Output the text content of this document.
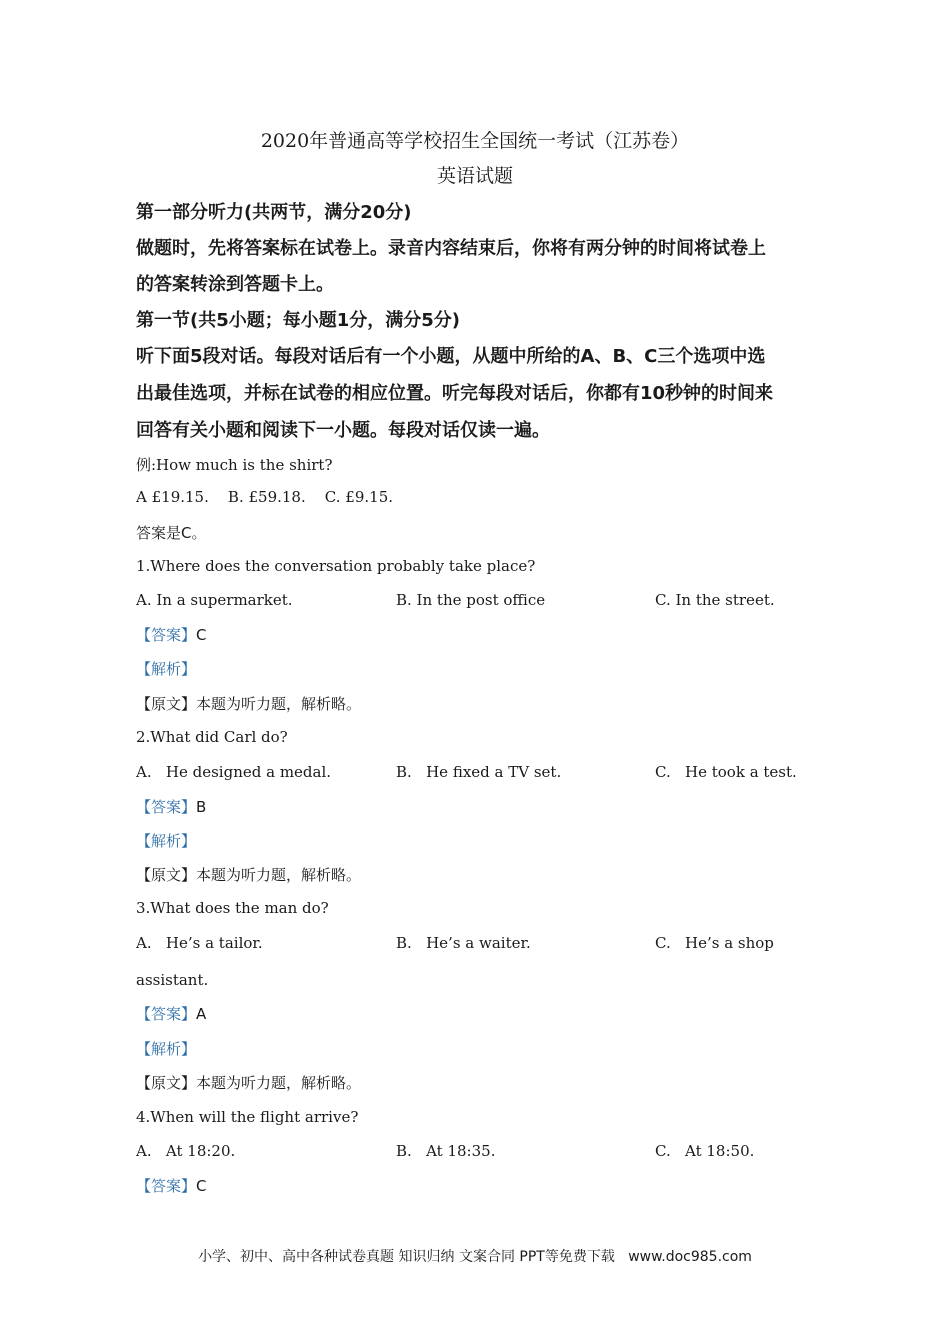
2020年普通高等学校招生全国统一考试（江苏卷）
英语试题
第一部分听力(共两节，满分20分)
做题时，先将答案标在试卷上。录音内容结束后，你将有两分钟的时间将试卷上
的答案转涂到答题卡上。
第一节(共5小题；每小题1分，满分5分)
听下面5段对话。每段对话后有一个小题，从题中所给的A、B、C三个选项中选
出最佳选项，并标在试卷的相应位置。听完每段对话后，你都有10秒钟的时间来
回答有关小题和阅读下一小题。每段对话仅读一遍。
例:How much is the shirt?
A £19.15.    B. £59.18.    C. £9.15.
答案是C。
1.Where does the conversation probably take place?
A. In a supermarket.	B. In the post office	C. In the street.
【答案】C
【解析】
【原文】本题为听力题，解析略。
2.What did Carl do?
A.   He designed a medal.	B.   He fixed a TV set.	C.   He took a test.
【答案】B
【解析】
【原文】本题为听力题，解析略。
3.What does the man do?
A.   He’s a tailor.	B.   He’s a waiter.	C.   He’s a shop
assistant.
【答案】A
【解析】
【原文】本题为听力题，解析略。
4.When will the flight arrive?
A.   At 18:20.	B.   At 18:35.	C.   At 18:50.
【答案】C
小学、初中、高中各种试卷真题 知识归纳 文案合同 PPT等免费下载   www.doc985.com
